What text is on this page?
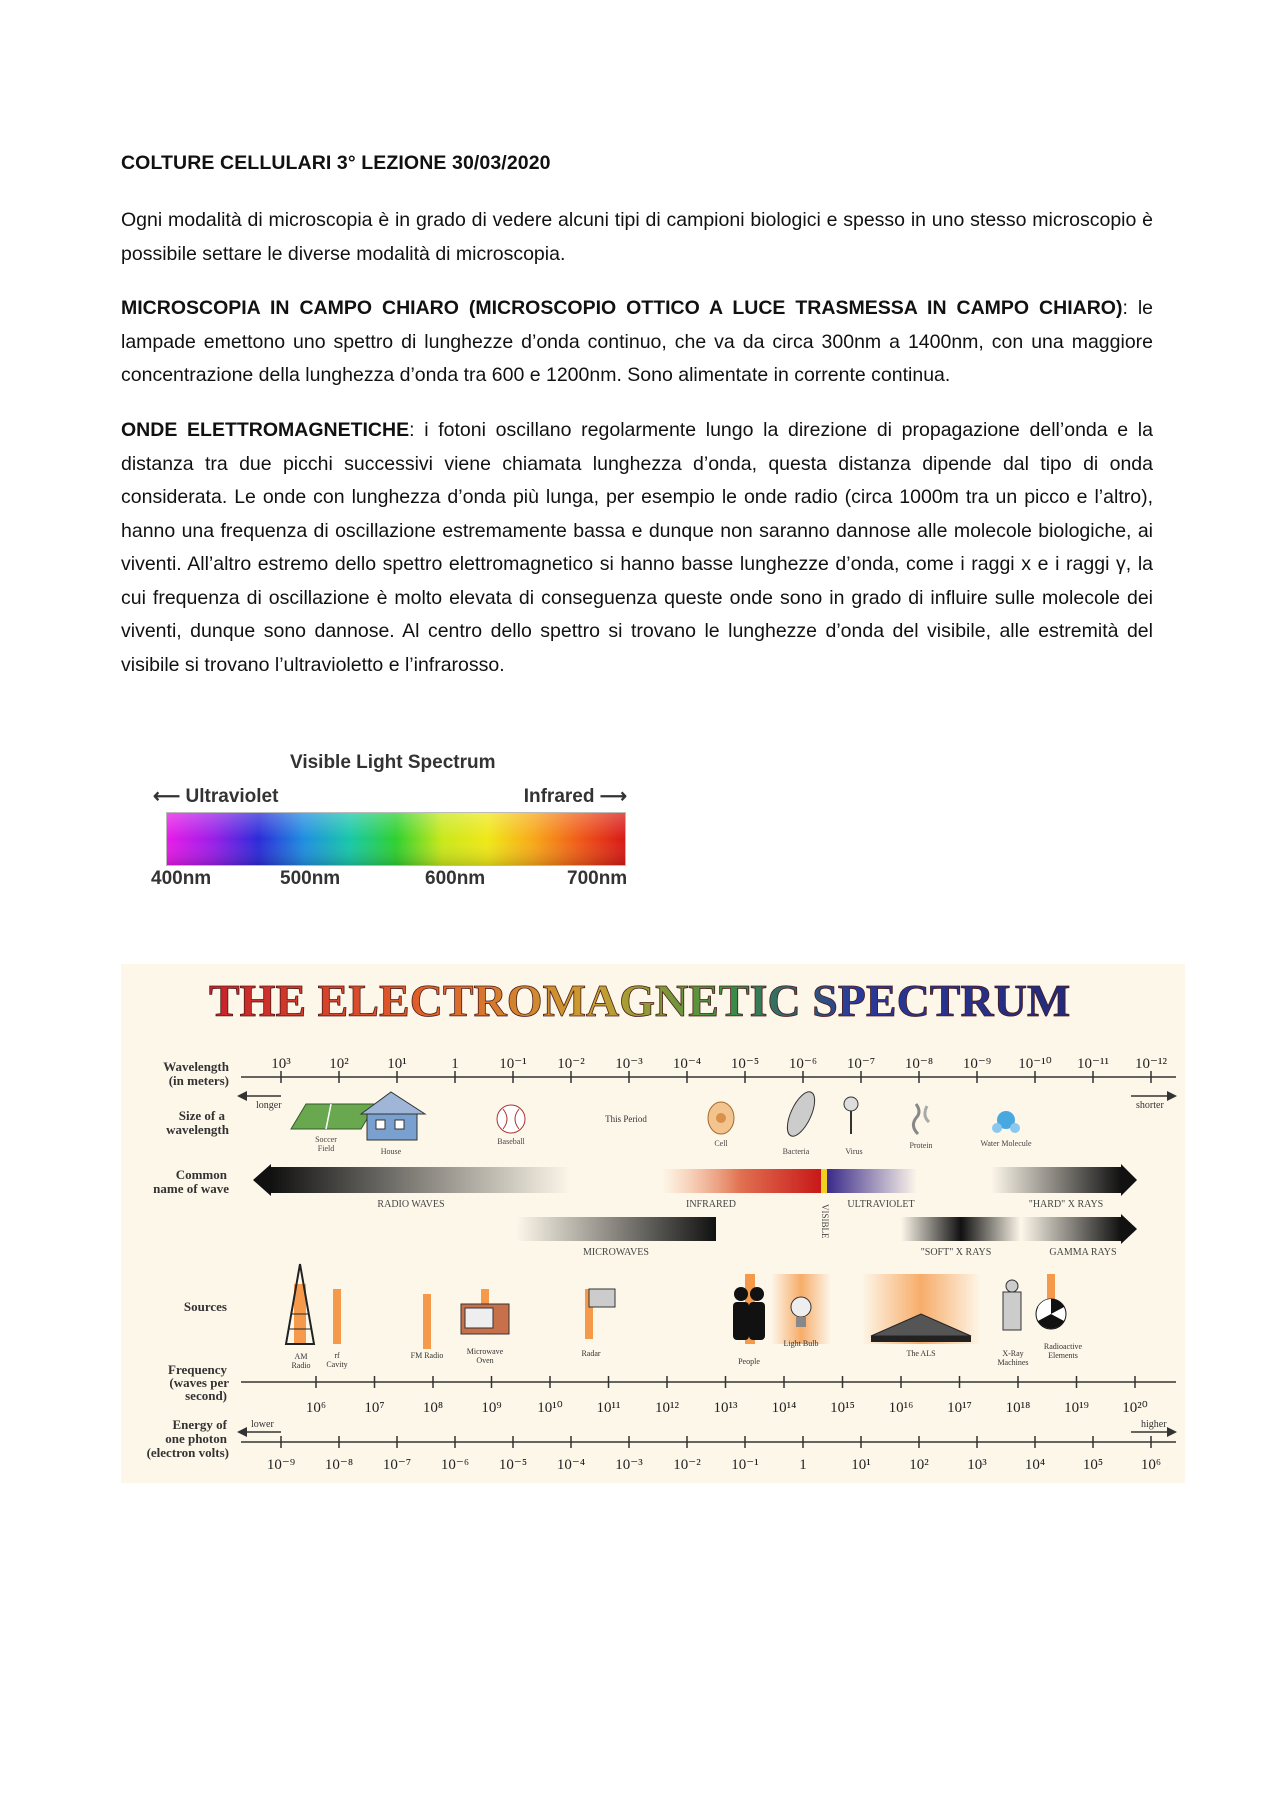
COLTURE CELLULARI 3° LEZIONE 30/03/2020

Ogni modalità di microscopia è in grado di vedere alcuni tipi di campioni biologici e spesso in uno stesso microscopio è possibile settare le diverse modalità di microscopia.

MICROSCOPIA IN CAMPO CHIARO (MICROSCOPIO OTTICO A LUCE TRASMESSA IN CAMPO CHIARO): le lampade emettono uno spettro di lunghezze d’onda continuo, che va da circa 300nm a 1400nm, con una maggiore concentrazione della lunghezza d’onda tra 600 e 1200nm. Sono alimentate in corrente continua.

ONDE ELETTROMAGNETICHE: i fotoni oscillano regolarmente lungo la direzione di propagazione dell’onda e la distanza tra due picchi successivi viene chiamata lunghezza d’onda, questa distanza dipende dal tipo di onda considerata. Le onde con lunghezza d’onda più lunga, per esempio le onde radio (circa 1000m tra un picco e l’altro), hanno una frequenza di oscillazione estremamente bassa e dunque non saranno dannose alle molecole biologiche, ai viventi. All’altro estremo dello spettro elettromagnetico si hanno basse lunghezze d’onda, come i raggi x e i raggi γ, la cui frequenza di oscillazione è molto elevata di conseguenza queste onde sono in grado di influire sulle molecole dei viventi, dunque sono dannose. Al centro dello spettro si trovano le lunghezze d’onda del visibile, alle estremità del visibile si trovano l’ultravioletto e l’infrarosso.

Visible Light Spectrum
⟵ Ultraviolet	Infrared ⟶
400nm	500nm	600nm	700nm
THE ELECTROMAGNETIC SPECTRUM
Wavelength
(in meters)
Size of a
wavelength
Common
name of wave
Sources
Frequency
(waves per
second)
Energy of
one photon
(electron volts)
10³	10²	10¹	1	10⁻¹ 10⁻² 10⁻³ 10⁻⁴ 10⁻⁵ 10⁻⁶ 10⁻⁷ 10⁻⁸ 10⁻⁹ 10⁻¹⁰ 10⁻¹¹ 10⁻¹²
longer	shorter
Soccer
Field	House
Baseball
This Period
Cell
Bacteria	Virus
Protein	Water Molecule
RADIO WAVES	INFRARED	VISIBLE ULTRAVIOLET	"HARD" X RAYS
MICROWAVES	"SOFT" X RAYS	GAMMA RAYS
AM
Radio
rf
Cavity
FM Radio	Microwave
Oven
Radar
People
Light Bulb
The ALS	X-Ray
Machines
Radioactive
Elements
10⁶	10⁷	10⁸	10⁹ 10¹⁰ 10¹¹ 10¹² 10¹³ 10¹⁴ 10¹⁵ 10¹⁶ 10¹⁷ 10¹⁸ 10¹⁹ 10²⁰
lower	higher
10⁻⁹ 10⁻⁸ 10⁻⁷ 10⁻⁶ 10⁻⁵ 10⁻⁴ 10⁻³ 10⁻² 10⁻¹	1	10¹	10²	10³	10⁴	10⁵	10⁶
